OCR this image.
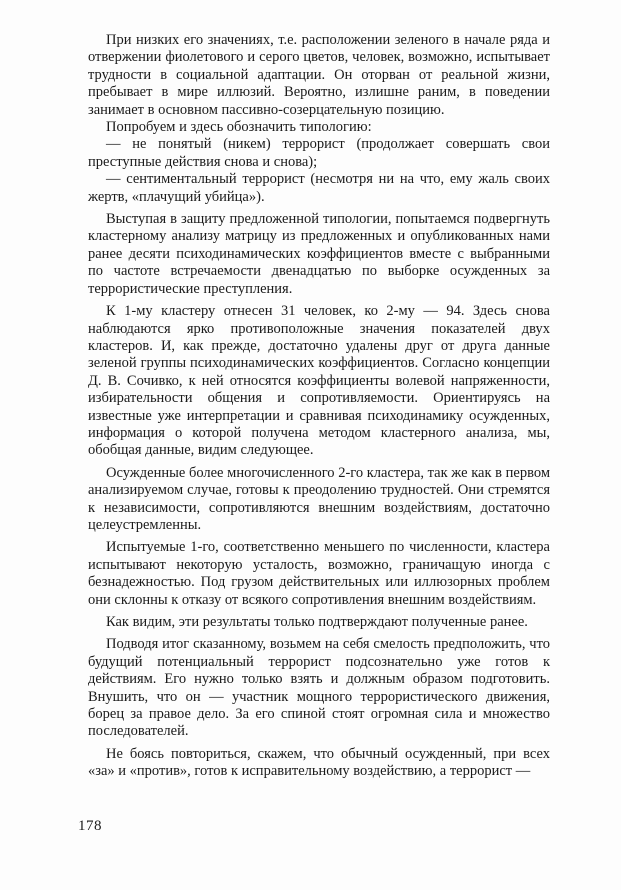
При низких его значениях, т.е. расположении зеленого в начале ряда и отвержении фиолетового и серого цветов, человек, возможно, испытывает трудности в социальной адаптации. Он оторван от реальной жизни, пребывает в мире иллюзий. Вероятно, излишне раним, в поведении занимает в основном пассивно-созерцательную позицию.

Попробуем и здесь обозначить типологию:

— не понятый (никем) террорист (продолжает совершать свои преступные действия снова и снова);

— сентиментальный террорист (несмотря ни на что, ему жаль своих жертв, «плачущий убийца»).

Выступая в защиту предложенной типологии, попытаемся подвергнуть кластерному анализу матрицу из предложенных и опубликованных нами ранее десяти психодинамических коэффициентов вместе с выбранными по частоте встречаемости двенадцатью по выборке осужденных за террористические преступления.

К 1-му кластеру отнесен 31 человек, ко 2-му — 94. Здесь снова наблюдаются ярко противоположные значения показателей двух кластеров. И, как прежде, достаточно удалены друг от друга данные зеленой группы психодинамических коэффициентов. Согласно концепции Д. В. Сочивко, к ней относятся коэффициенты волевой напряженности, избирательности общения и сопротивляемости. Ориентируясь на известные уже интерпретации и сравнивая психодинамику осужденных, информация о которой получена методом кластерного анализа, мы, обобщая данные, видим следующее.

Осужденные более многочисленного 2-го кластера, так же как в первом анализируемом случае, готовы к преодолению трудностей. Они стремятся к независимости, сопротивляются внешним воздействиям, достаточно целеустремленны.

Испытуемые 1-го, соответственно меньшего по численности, кластера испытывают некоторую усталость, возможно, граничащую иногда с безнадежностью. Под грузом действительных или иллюзорных проблем они склонны к отказу от всякого сопротивления внешним воздействиям.

Как видим, эти результаты только подтверждают полученные ранее.

Подводя итог сказанному, возьмем на себя смелость предположить, что будущий потенциальный террорист подсознательно уже готов к действиям. Его нужно только взять и должным образом подготовить. Внушить, что он — участник мощного террористического движения, борец за правое дело. За его спиной стоят огромная сила и множество последователей.

Не боясь повториться, скажем, что обычный осужденный, при всех «за» и «против», готов к исправительному воздействию, а террорист —

178
